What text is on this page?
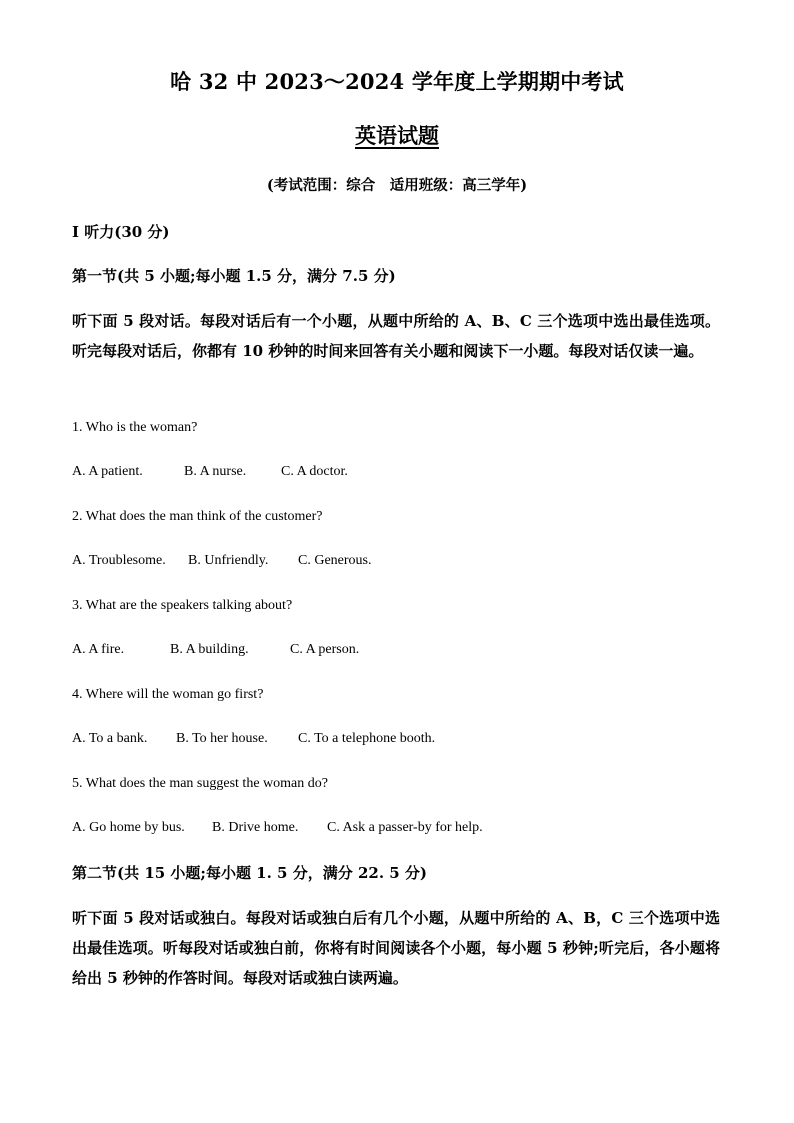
哈 32 中 2023～2024 学年度上学期期中考试
英语试题
(考试范围：综合　适用班级：高三学年)
I 听力(30 分)
第一节(共 5 小题;每小题 1.5 分，满分 7.5 分)
听下面 5 段对话。每段对话后有一个小题，从题中所给的 A、B、C 三个选项中选出最佳选项。听完每段对话后，你都有 10 秒钟的时间来回答有关小题和阅读下一小题。每段对话仅读一遍。
1. Who is the woman?
A. A patient.	B. A nurse. C. A doctor.
2. What does the man think of the customer?
A. Troublesome. B. Unfriendly. C. Generous.
3. What are the speakers talking about?
A. A fire.	B. A building.	C. A person.
4. Where will the woman go first?
A. To a bank. B. To her house. C. To a telephone booth.
5. What does the man suggest the woman do?
A. Go home by bus. B. Drive home. C. Ask a passer-by for help.
第二节(共 15 小题;每小题 1. 5 分，满分 22. 5 分)
听下面 5 段对话或独白。每段对话或独白后有几个小题，从题中所给的 A、B，C 三个选项中选出最佳选项。听每段对话或独白前，你将有时间阅读各个小题，每小题 5 秒钟;听完后，各小题将给出 5 秒钟的作答时间。每段对话或独白读两遍。
